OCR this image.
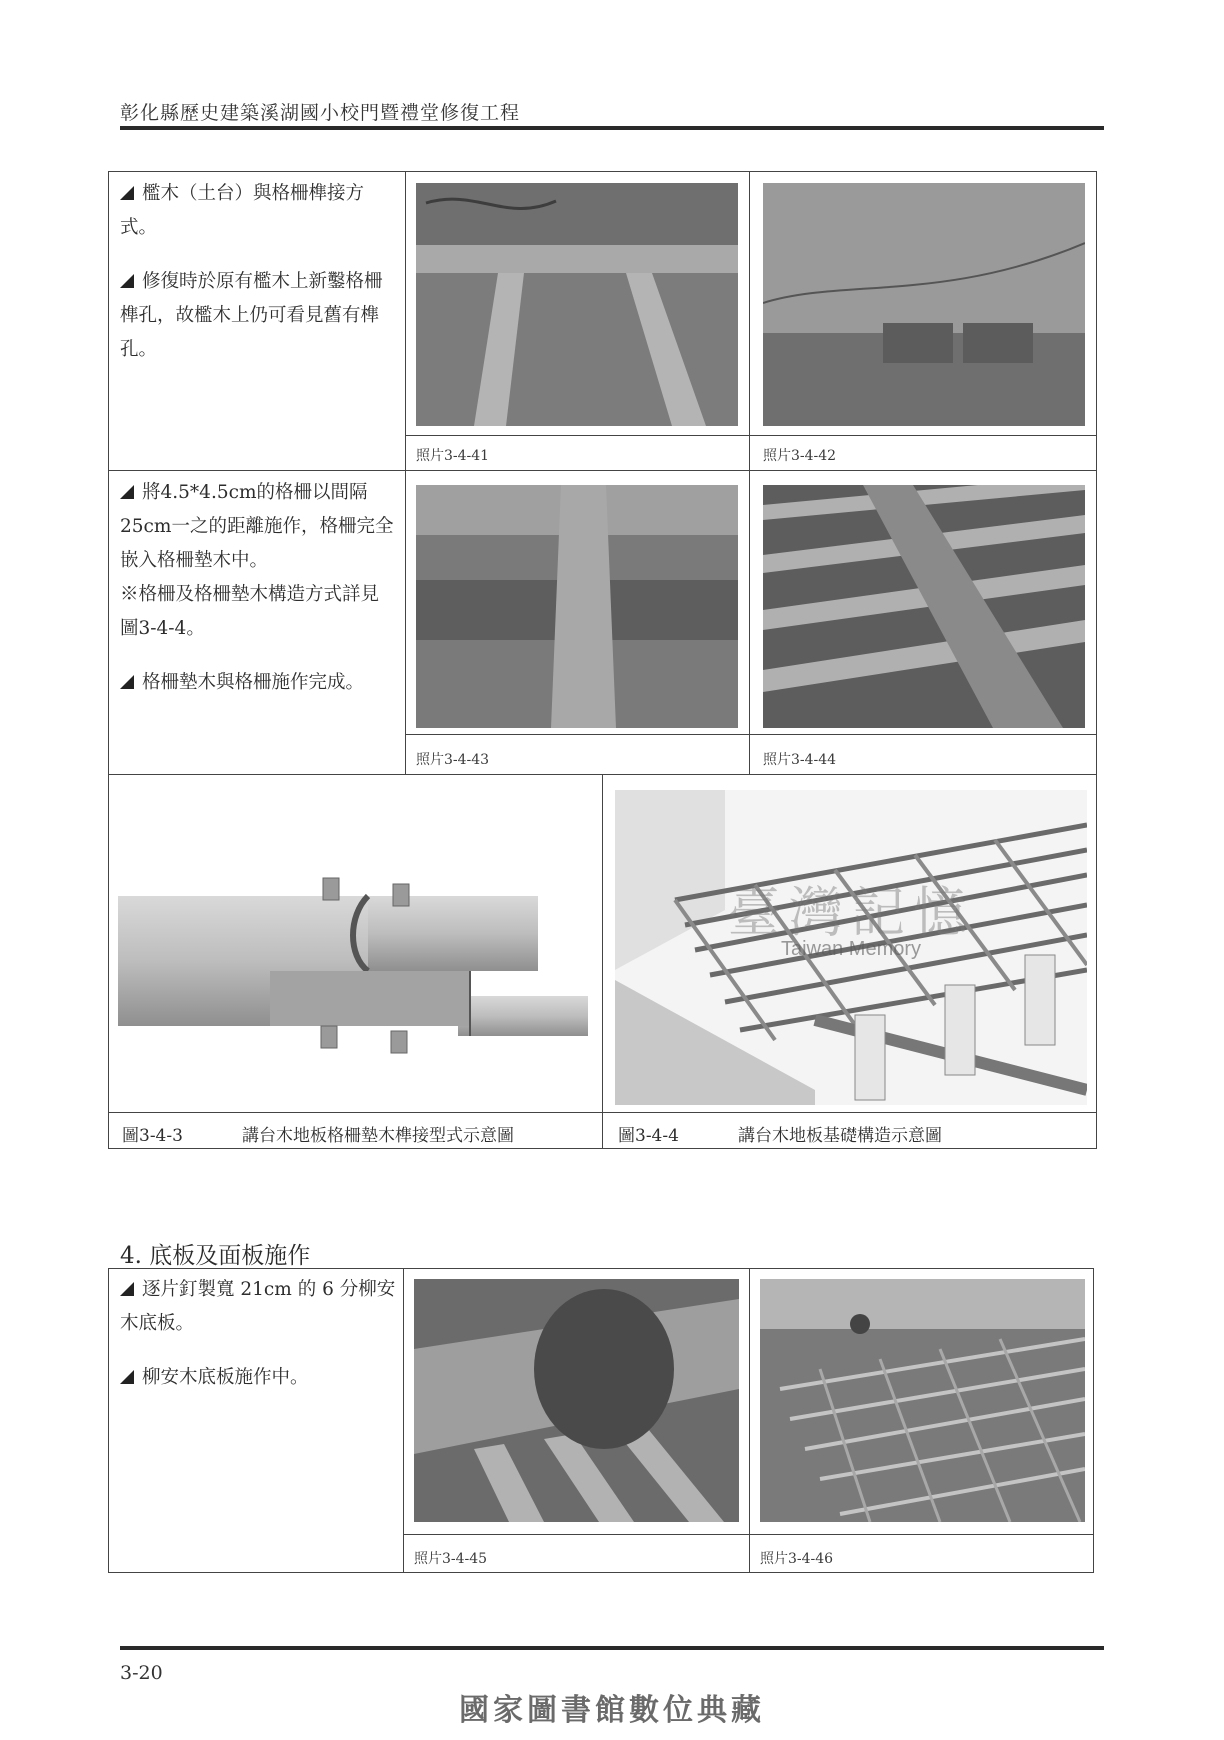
彰化縣歷史建築溪湖國小校門暨禮堂修復工程

檻木（土台）與格柵榫接方式。

修復時於原有檻木上新鑿格柵榫孔，故檻木上仍可看見舊有榫孔。

照片3-4-41	照片3-4-42

將4.5*4.5cm的格柵以間隔25cm一之的距離施作，格柵完全嵌入格柵墊木中。

※格柵及格柵墊木構造方式詳見圖3-4-4。

格柵墊木與格柵施作完成。

照片3-4-43	照片3-4-44
臺灣記憶
Taiwan Memory
圖3-4-3	講台木地板格柵墊木榫接型式示意圖	圖3-4-4	講台木地板基礎構造示意圖
4. 底板及面板施作

逐片釘製寬 21cm 的 6 分柳安木底板。

柳安木底板施作中。

照片3-4-45	照片3-4-46
3-20
國家圖書館數位典藏
